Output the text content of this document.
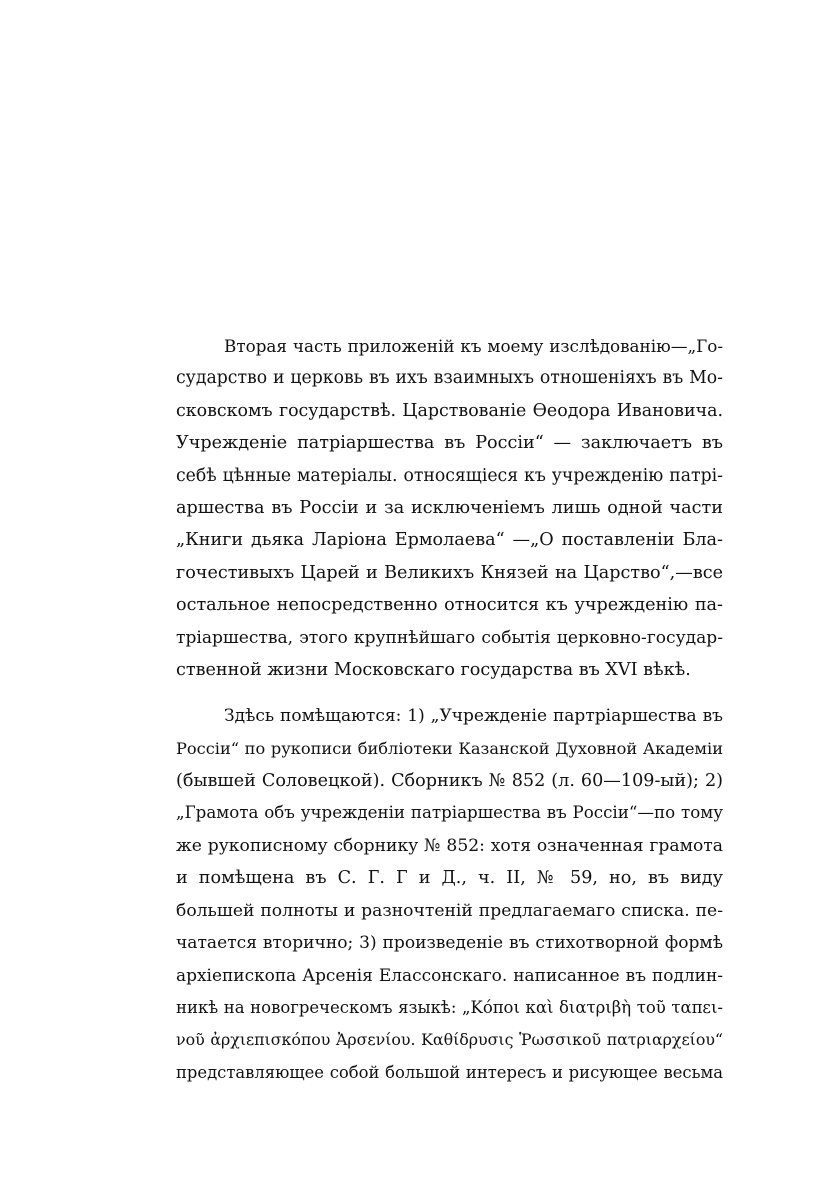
Вторая часть приложеній къ моему изслѣдованію—„Го-
сударство и церковь въ ихъ взаимныхъ отношеніяхъ въ Мо-
сковскомъ государствѣ. Царствованіе Өеодора Ивановича.
Учрежденіе патріаршества въ Россіи“ — заключаетъ въ
себѣ цѣнные матеріалы. относящіеся къ учрежденію патрі-
аршества въ Россіи и за исключеніемъ лишь одной части
„Книги дьяка Ларіона Ермолаева“ —„О поставленіи Бла-
гочестивыхъ Царей и Великихъ Князей на Царство“,—все
остальное непосредственно относится къ учрежденію па-
тріаршества, этого крупнѣйшаго событія церковно-государ-
ственной жизни Московскаго государства въ XVI вѣкѣ.
Здѣсь помѣщаются: 1) „Учрежденіе партріаршества въ
Россіи“ по рукописи библіотеки Казанской Духовной Академіи
(бывшей Соловецкой). Сборникъ № 852 (л. 60—109-ый); 2)
„Грамота объ учрежденіи патріаршества въ Россіи“—по тому
же рукописному сборнику № 852: хотя означенная грамота
и помѣщена въ С. Г. Г и Д., ч. II, № 59, но, въ виду
большей полноты и разночтеній предлагаемаго списка. пе-
чатается вторично; 3) произведеніе въ стихотворной формѣ
архіепископа Арсенія Елассонскаго. написанное въ подлин-
никѣ на новогреческомъ языкѣ: „Κόποι καὶ διατριβὴ τοῦ ταπει-
νοῦ ἀρχιεπισκόπου Ἀρσενίου. Καθίδρυσις Ῥωσσικοῦ πατριαρχείου“
представляющее собой большой интересъ и рисующее весьма
